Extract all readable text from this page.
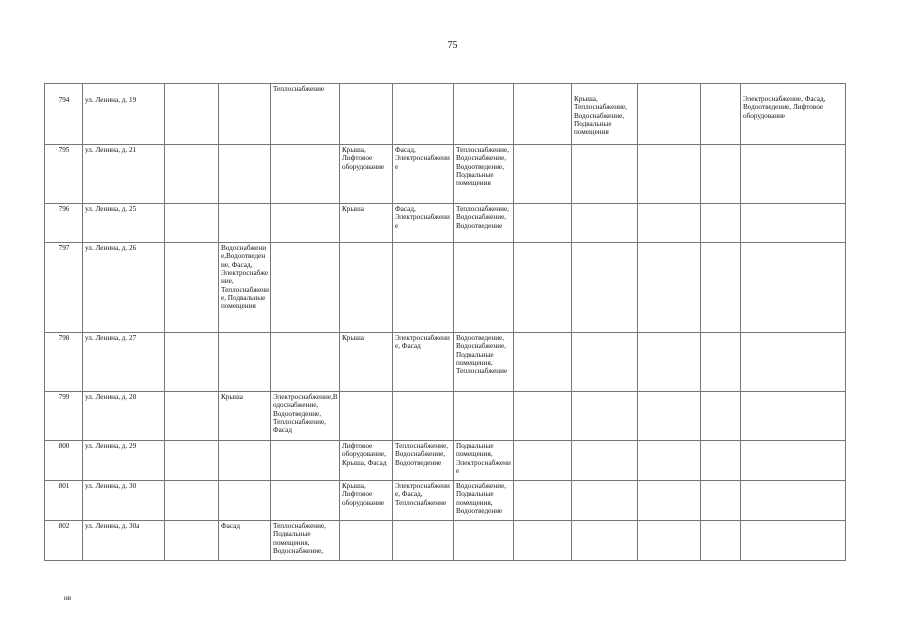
75
794	ул. Ленина, д. 19			Теплоснабжение					Крыша, Теплоснабжение, Водоснабжение, Подвальные помещения			Электроснабжение, Фасад, Водоотведение, Лифтовое оборудование
795	ул. Ленина, д. 21				Крыша, Лифтовое оборудование	Фасад, Электроснабжение	Теплоснабжение,Водоснабжение, Водоотведение, Подвальные помещения					
796	ул. Ленина, д. 25				Крыша	Фасад, Электроснабжение	Теплоснабжение, Водоснабжение, Водоотведение					
797	ул. Ленина, д. 26		Водоснабжение,Водоотведение, Фасад, Электроснабжение, Теплоснабжение, Подвальные помещения									
798	ул. Ленина, д. 27				Крыша	Электроснабжение, Фасад	Водоотведение, Водоснабжение, Подвальные помещения, Теплоснабжение					
799	ул. Ленина, д. 28		Крыша	Электроснабжение,Водоснабжение, Водоотведение, Теплоснабжение, Фасад								
800	ул. Ленина, д. 29				Лифтовое оборудование, Крыша, Фасад	Теплоснабжение, Водоснабжение, Водоотведение	Подвальные помещения, Электроснабжение					
801	ул. Ленина, д. 30				Крыша, Лифтовое оборудование	Электроснабжение, Фасад, Теплоснабжение	Водоснабжение, Подвальные помещения, Водоотведение					
802	ул. Ленина, д. 30а		Фасад	Теплоснабжение, Подвальные помещения, Водоснабжение,								
нв
